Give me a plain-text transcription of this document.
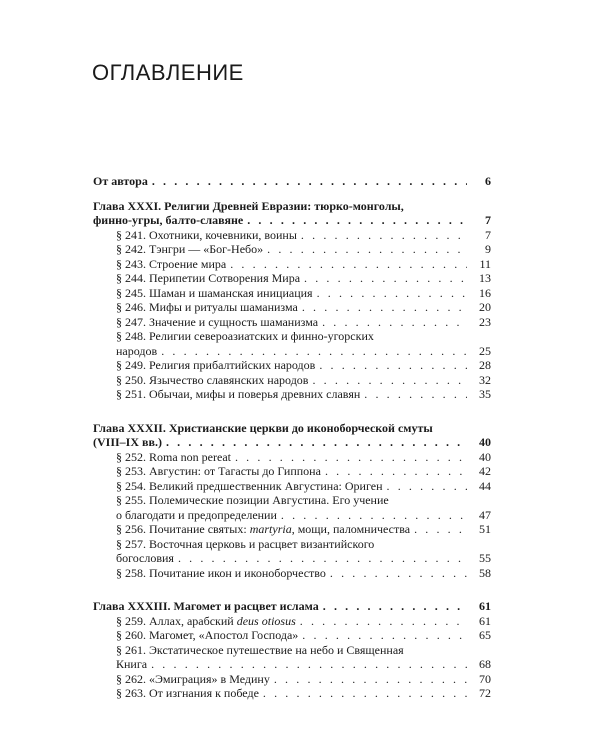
ОГЛАВЛЕНИЕ
От автора . . .	6
Глава XXXI. Религии Древней Евразии: тюрко-монголы,
финно-угры, балто-славяне . . .	7
§ 241. Охотники, кочевники, воины . . .	7
§ 242. Тэнгри — «Бог-Небо» . . .	9
§ 243. Строение мира . . .	11
§ 244. Перипетии Сотворения Мира . . .	13
§ 245. Шаман и шаманская инициация . . .	16
§ 246. Мифы и ритуалы шаманизма . . .	20
§ 247. Значение и сущность шаманизма . . .	23
§ 248. Религии североазиатских и финно-угорских
народов . . .	25
§ 249. Религия прибалтийских народов . . .	28
§ 250. Язычество славянских народов . . .	32
§ 251. Обычаи, мифы и поверья древних славян . . .	35
Глава XXXII. Христианские церкви до иконоборческой смуты
(VIII–IX вв.) . . .	40
§ 252. Roma non pereat . . .	40
§ 253. Августин: от Тагасты до Гиппона . . .	42
§ 254. Великий предшественник Августина: Ориген . . .	44
§ 255. Полемические позиции Августина. Его учение
о благодати и предопределении . . .	47
§ 256. Почитание святых: martyria, мощи, паломничества . . .	51
§ 257. Восточная церковь и расцвет византийского
богословия . . .	55
§ 258. Почитание икон и иконоборчество . . .	58
Глава XXXIII. Магомет и расцвет ислама . . .	61
§ 259. Аллах, арабский deus otiosus . . .	61
§ 260. Магомет, «Апостол Господа» . . .	65
§ 261. Экстатическое путешествие на небо и Священная
Книга . . .	68
§ 262. «Эмиграция» в Медину . . .	70
§ 263. От изгнания к победе . . .	72
